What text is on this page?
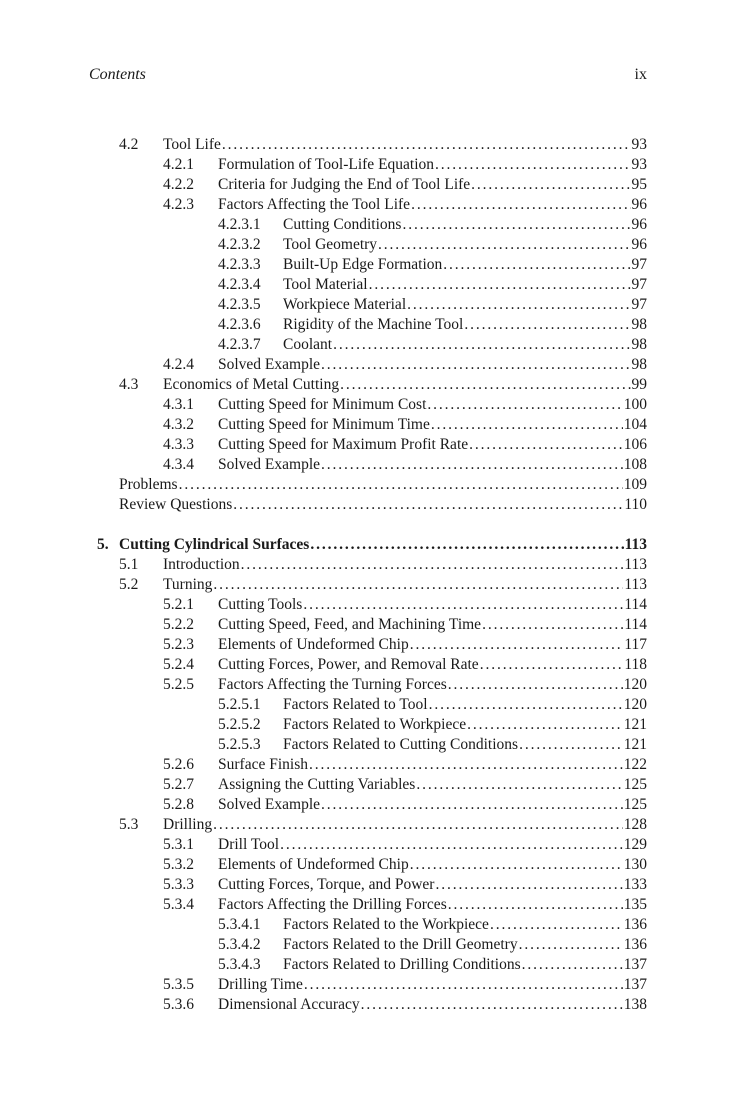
Contents	ix
4.2 Tool Life . . .	93
4.2.1 Formulation of Tool-Life Equation . . .	93
4.2.2 Criteria for Judging the End of Tool Life . . .	95
4.2.3 Factors Affecting the Tool Life . . .	96
4.2.3.1 Cutting Conditions . . .	96
4.2.3.2 Tool Geometry . . .	96
4.2.3.3 Built-Up Edge Formation . . .	97
4.2.3.4 Tool Material . . .	97
4.2.3.5 Workpiece Material . . .	97
4.2.3.6 Rigidity of the Machine Tool . . .	98
4.2.3.7 Coolant . . .	98
4.2.4 Solved Example . . .	98
4.3 Economics of Metal Cutting . . .	99
4.3.1 Cutting Speed for Minimum Cost . . .	100
4.3.2 Cutting Speed for Minimum Time . . .	104
4.3.3 Cutting Speed for Maximum Profit Rate . . .	106
4.3.4 Solved Example . . .	108
Problems . . .	109
Review Questions . . .	110
5. Cutting Cylindrical Surfaces . . .	113
5.1 Introduction . . .	113
5.2 Turning . . .	113
5.2.1 Cutting Tools . . .	114
5.2.2 Cutting Speed, Feed, and Machining Time . . .	114
5.2.3 Elements of Undeformed Chip . . .	117
5.2.4 Cutting Forces, Power, and Removal Rate . . .	118
5.2.5 Factors Affecting the Turning Forces . . .	120
5.2.5.1 Factors Related to Tool . . .	120
5.2.5.2 Factors Related to Workpiece . . .	121
5.2.5.3 Factors Related to Cutting Conditions . . .	121
5.2.6 Surface Finish . . .	122
5.2.7 Assigning the Cutting Variables . . .	125
5.2.8 Solved Example . . .	125
5.3 Drilling . . .	128
5.3.1 Drill Tool . . .	129
5.3.2 Elements of Undeformed Chip . . .	130
5.3.3 Cutting Forces, Torque, and Power . . .	133
5.3.4 Factors Affecting the Drilling Forces . . .	135
5.3.4.1 Factors Related to the Workpiece . . .	136
5.3.4.2 Factors Related to the Drill Geometry . . .	136
5.3.4.3 Factors Related to Drilling Conditions . . .	137
5.3.5 Drilling Time . . .	137
5.3.6 Dimensional Accuracy . . .	138
